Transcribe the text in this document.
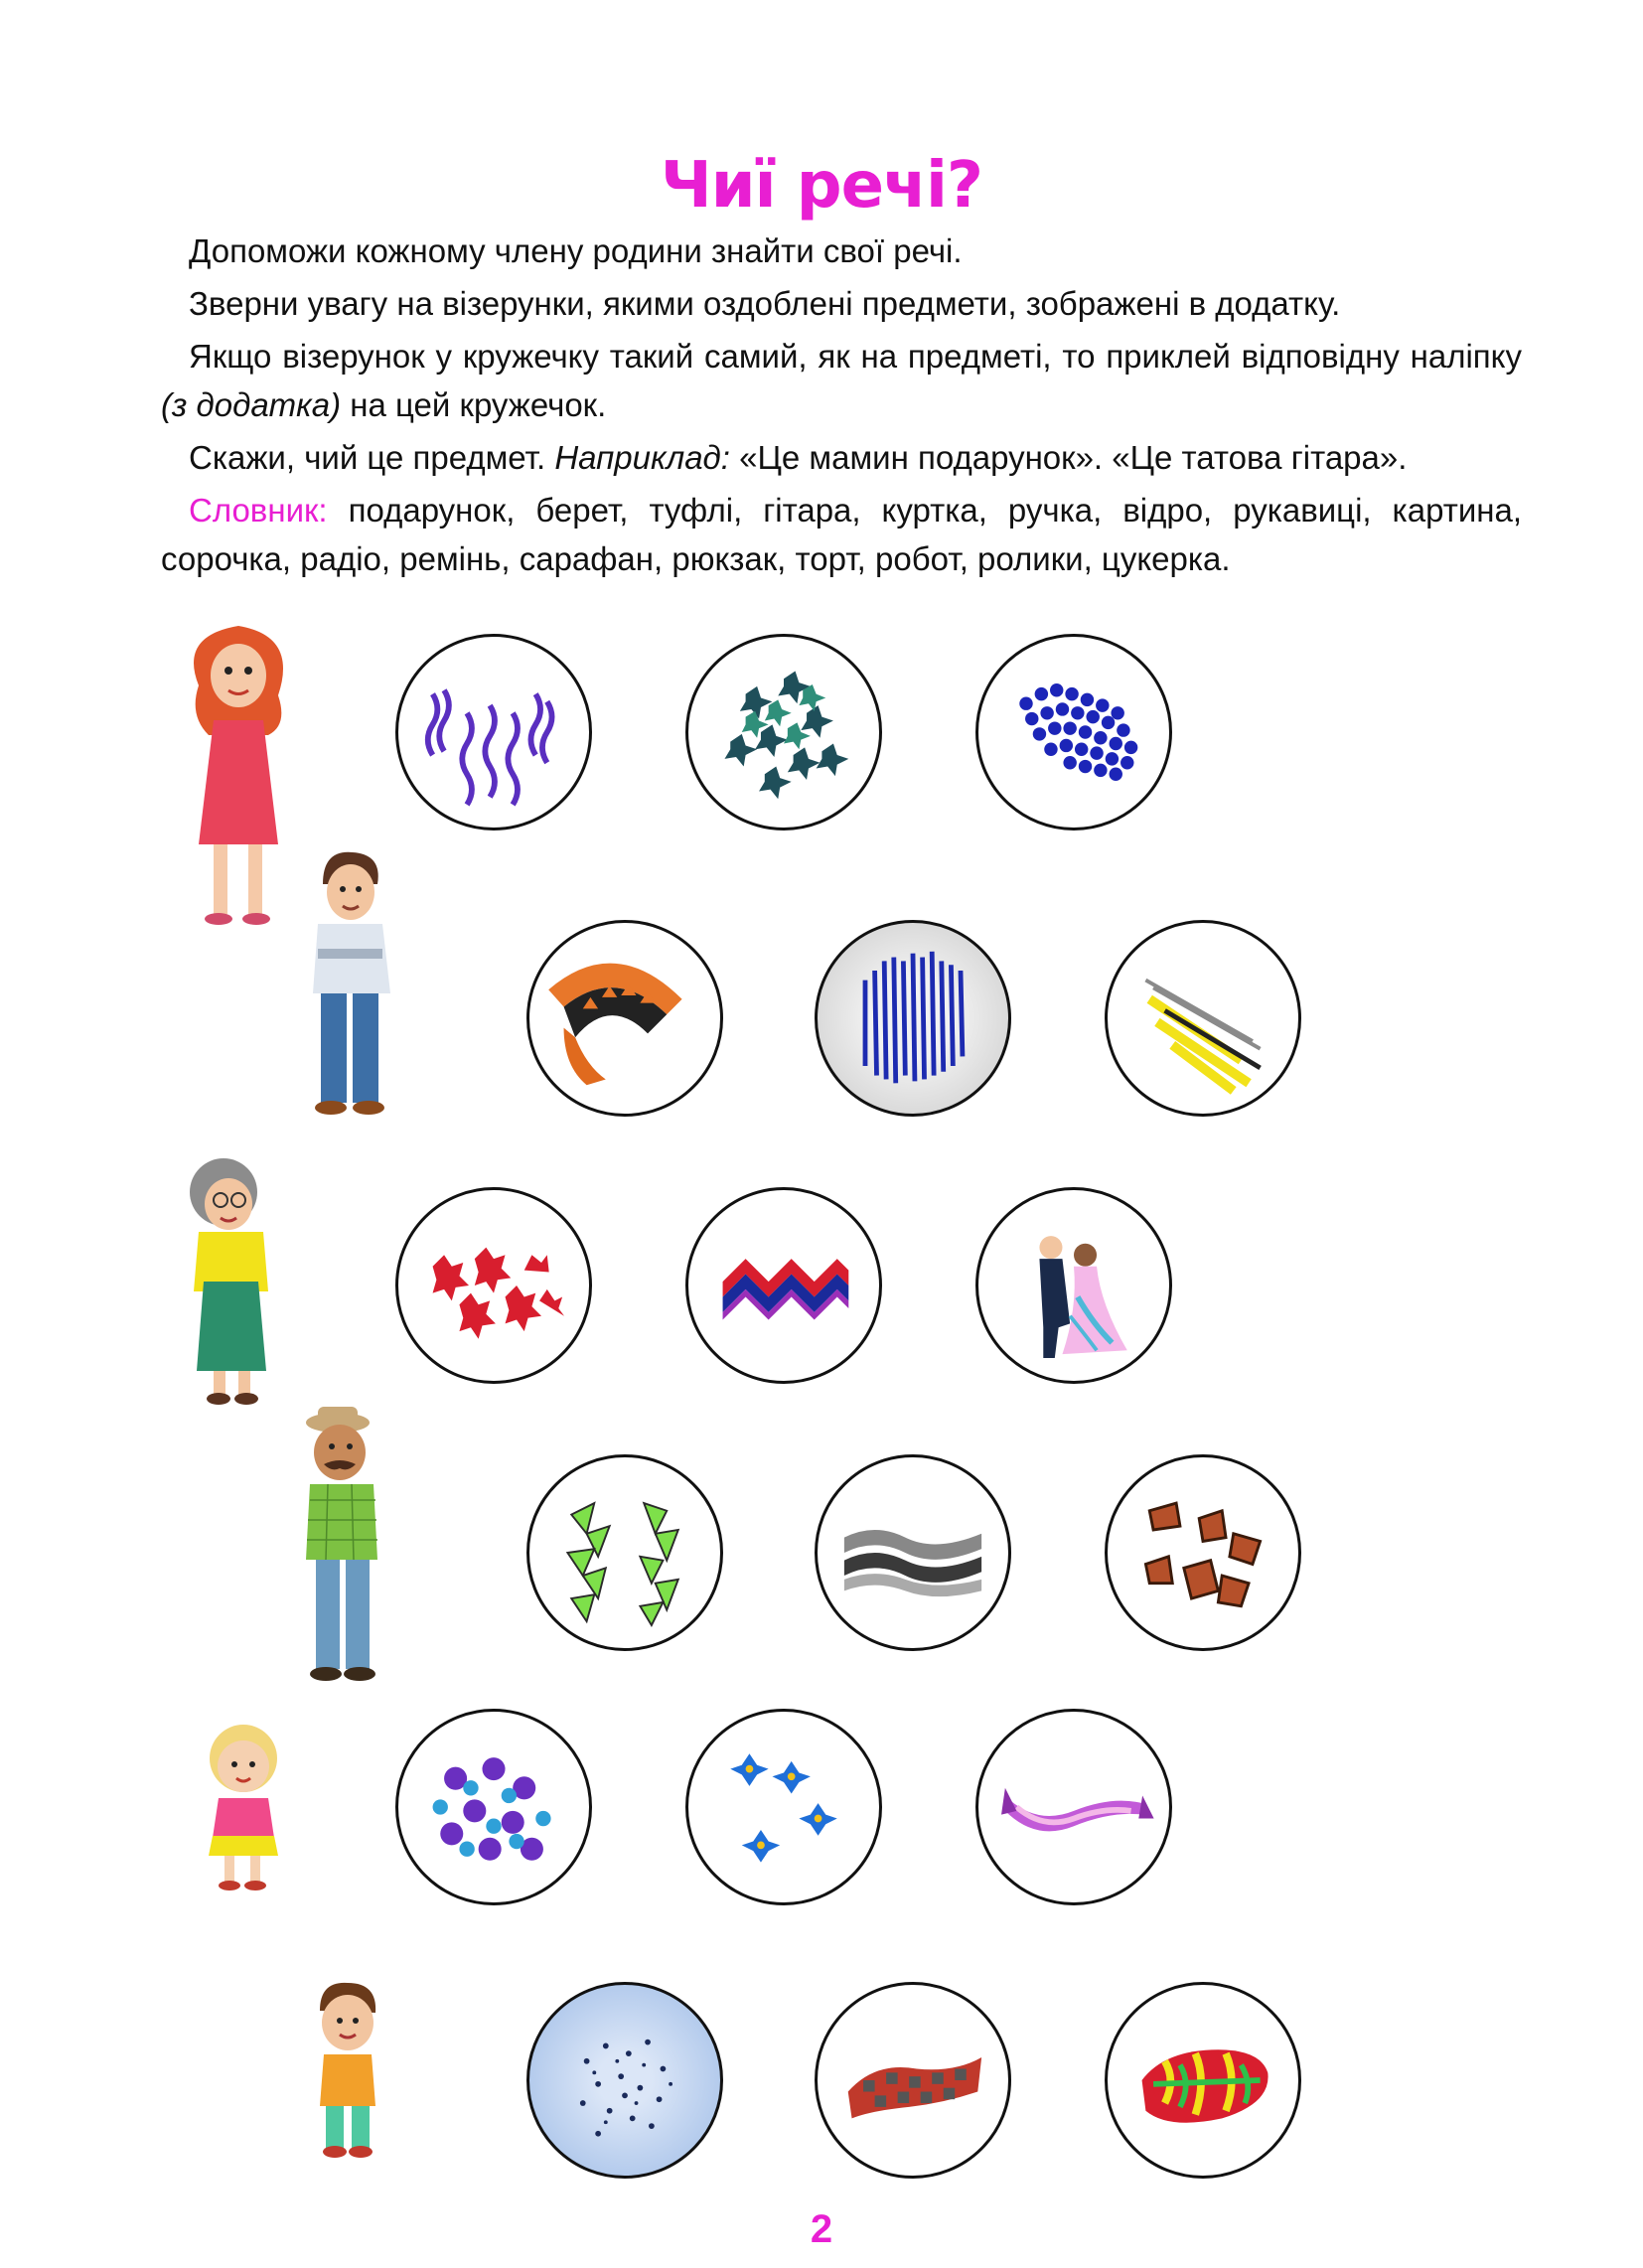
Чиї речі?

Допоможи кожному члену родини знайти свої речі.

Зверни увагу на візерунки, якими оздоблені предмети, зображені в додатку.

Якщо візерунок у кружечку такий самий, як на предметі, то приклей відповідну наліпку (з додатка) на цей кружечок.

Скажи, чий це предмет. Наприклад: «Це мамин подарунок». «Це татова гітара».

Словник: подарунок, берет, туфлі, гітара, куртка, ручка, відро, рукавиці, картина, сорочка, радіо, ремінь, сарафан, рюкзак, торт, робот, ролики, цукерка.

2
